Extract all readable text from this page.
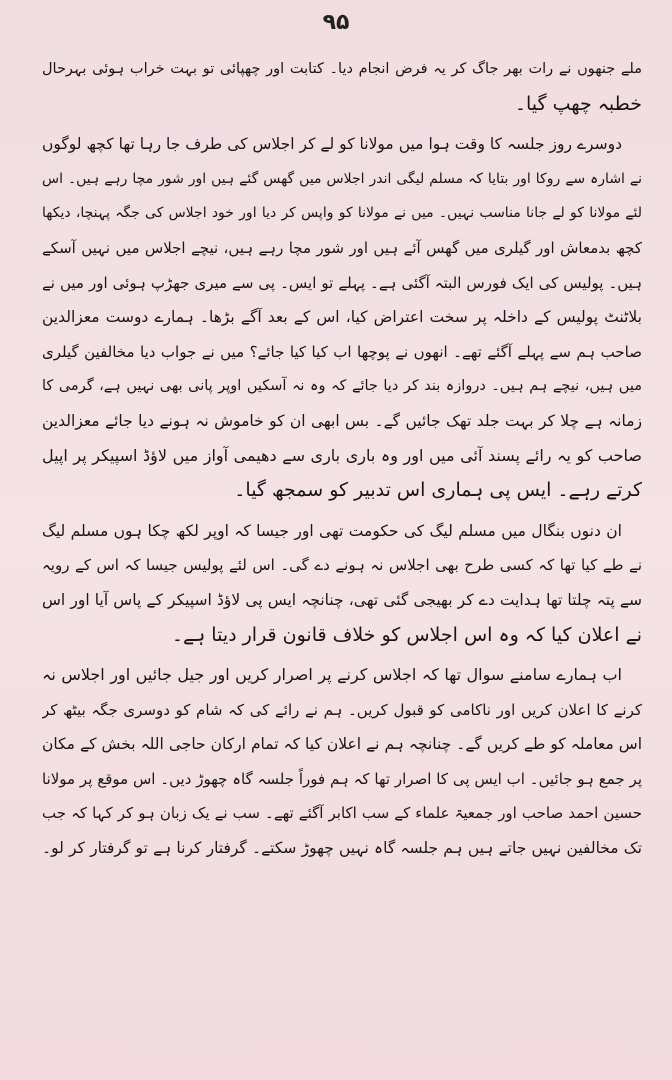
۹۵
ملے جنھوں نے رات بھر جاگ کر یہ فرض انجام دیا۔ کتابت اور چھپائی تو بہت خراب ہوئی بہرحال
خطبہ چھپ گیا۔
دوسرے روز جلسہ کا وقت ہوا میں مولانا کو لے کر اجلاس کی طرف جا رہا تھا کچھ لوگوں
نے اشارہ سے روکا اور بتایا کہ مسلم لیگی اندر اجلاس میں گھس گئے ہیں اور شور مچا رہے ہیں۔ اس
لئے مولانا کو لے جانا مناسب نہیں۔ میں نے مولانا کو واپس کر دیا اور خود اجلاس کی جگہ پہنچا، دیکھا
کچھ بدمعاش اور گیلری میں گھس آئے ہیں اور شور مچا رہے ہیں، نیچے اجلاس میں نہیں آسکے
ہیں۔ پولیس کی ایک فورس البتہ آگئی ہے۔ پہلے تو ایس۔ پی سے میری جھڑپ ہوئی اور میں نے
بلاٹنٹ پولیس کے داخلہ پر سخت اعتراض کیا، اس کے بعد آگے بڑھا۔ ہمارے دوست معزالدین
صاحب ہم سے پہلے آگئے تھے۔ انھوں نے پوچھا اب کیا کیا جائے؟ میں نے جواب دیا مخالفین گیلری
میں ہیں، نیچے ہم ہیں۔ دروازہ بند کر دیا جائے کہ وہ نہ آسکیں اوپر پانی بھی نہیں ہے، گرمی کا
زمانہ ہے چلا کر بہت جلد تھک جائیں گے۔ بس ابھی ان کو خاموش نہ ہونے دیا جائے معزالدین
صاحب کو یہ رائے پسند آئی میں اور وہ باری باری سے دھیمی آواز میں لاؤڈ اسپیکر پر اپیل
کرتے رہے۔ ایس پی ہماری اس تدبیر کو سمجھ گیا۔
ان دنوں بنگال میں مسلم لیگ کی حکومت تھی اور جیسا کہ اوپر لکھ چکا ہوں مسلم لیگ
نے طے کیا تھا کہ کسی طرح بھی اجلاس نہ ہونے دے گی۔ اس لئے پولیس جیسا کہ اس کے رویہ
سے پتہ چلتا تھا ہدایت دے کر بھیجی گئی تھی، چنانچہ ایس پی لاؤڈ اسپیکر کے پاس آیا اور اس
نے اعلان کیا کہ وہ اس اجلاس کو خلاف قانون قرار دیتا ہے۔
اب ہمارے سامنے سوال تھا کہ اجلاس کرنے پر اصرار کریں اور جیل جائیں اور اجلاس نہ
کرنے کا اعلان کریں اور ناکامی کو قبول کریں۔ ہم نے رائے کی کہ شام کو دوسری جگہ بیٹھ کر
اس معاملہ کو طے کریں گے۔ چنانچہ ہم نے اعلان کیا کہ تمام ارکان حاجی اللہ بخش کے مکان
پر جمع ہو جائیں۔ اب ایس پی کا اصرار تھا کہ ہم فوراً جلسہ گاہ چھوڑ دیں۔ اس موقع پر مولانا
حسین احمد صاحب اور جمعیۃ علماء کے سب اکابر آگئے تھے۔ سب نے یک زبان ہو کر کہا کہ جب
تک مخالفین نہیں جاتے ہیں ہم جلسہ گاہ نہیں چھوڑ سکتے۔ گرفتار کرنا ہے تو گرفتار کر لو۔
